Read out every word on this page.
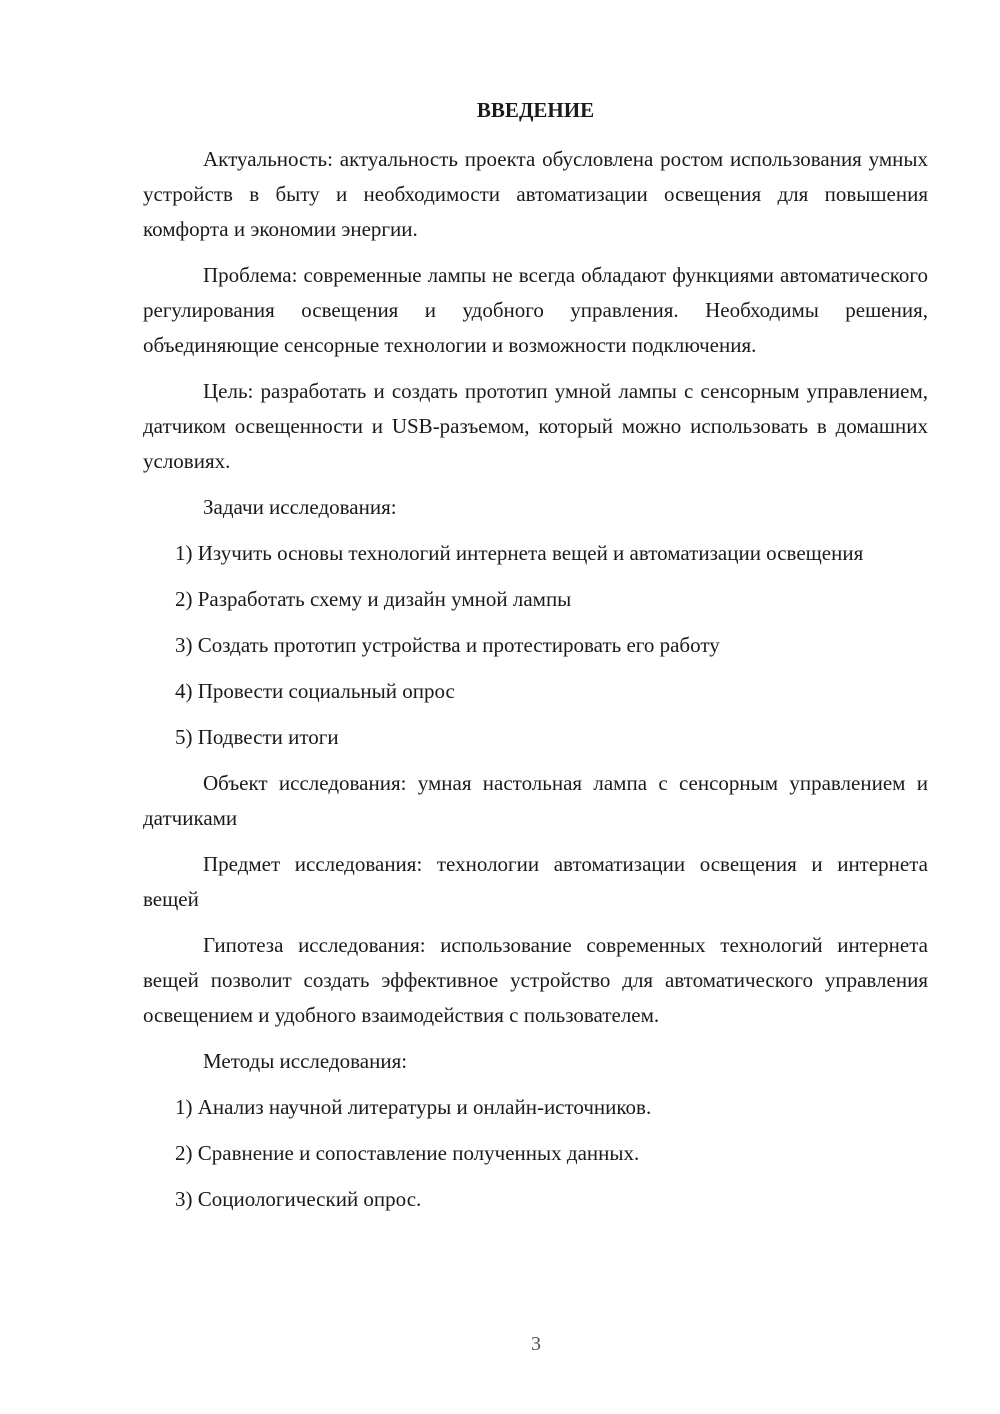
ВВЕДЕНИЕ

Актуальность: актуальность проекта обусловлена ростом использования умных устройств в быту и необходимости автоматизации освещения для повышения комфорта и экономии энергии.

Проблема: современные лампы не всегда обладают функциями автоматического регулирования освещения и удобного управления. Необходимы решения, объединяющие сенсорные технологии и возможности подключения.

Цель: разработать и создать прототип умной лампы с сенсорным управлением, датчиком освещенности и USB-разъемом, который можно использовать в домашних условиях.

Задачи исследования:

1) Изучить основы технологий интернета вещей и автоматизации освещения

2) Разработать схему и дизайн умной лампы

3) Создать прототип устройства и протестировать его работу

4) Провести социальный опрос

5) Подвести итоги

Объект исследования: умная настольная лампа с сенсорным управлением и датчиками

Предмет исследования: технологии автоматизации освещения и интернета вещей

Гипотеза исследования: использование современных технологий интернета вещей позволит создать эффективное устройство для автоматического управления освещением и удобного взаимодействия с пользователем.

Методы исследования:

1) Анализ научной литературы и онлайн-источников.

2) Сравнение и сопоставление полученных данных.

3) Социологический опрос.

3
